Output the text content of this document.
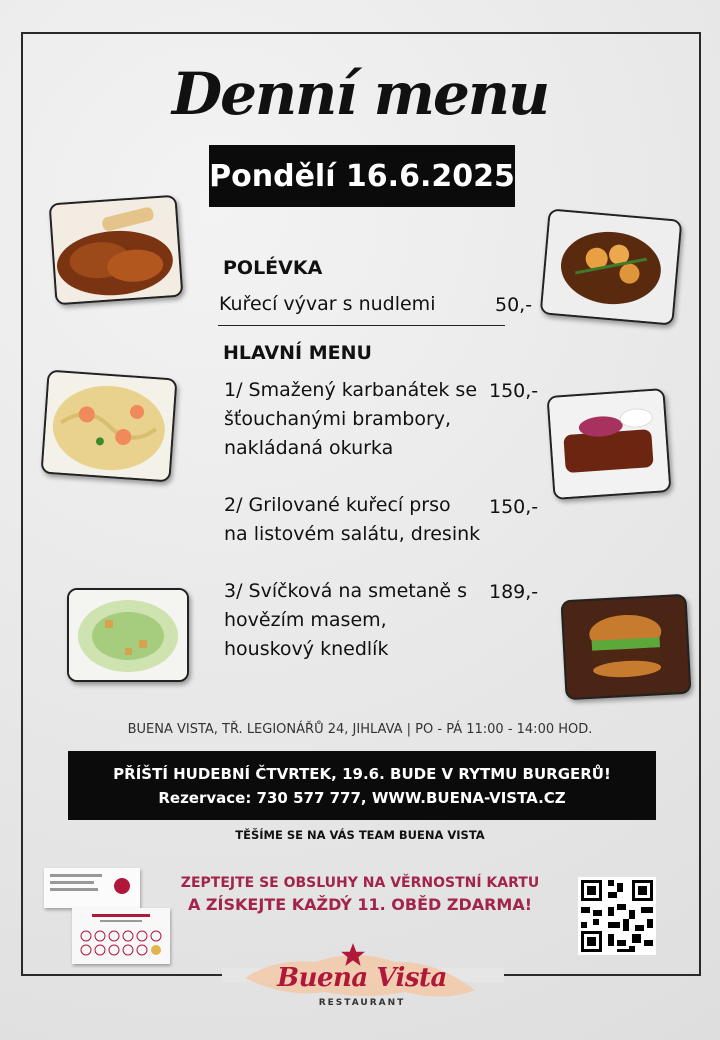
Denní menu
Pondělí 16.6.2025
POLÉVKA
Kuřecí vývar s nudlemi	50,-
HLAVNÍ MENU
1/ Smažený karbanátek se
šťouchanými brambory,
nakládaná okurka
150,-
2/ Grilované kuřecí prso
na listovém salátu, dresink
150,-
3/ Svíčková na smetaně s
hovězím masem,
houskový knedlík
189,-
BUENA VISTA, TŘ. LEGIONÁŘŮ 24, JIHLAVA | PO - PÁ 11:00 - 14:00 HOD.
PŘÍŠTÍ HUDEBNÍ ČTVRTEK, 19.6. BUDE V RYTMU BURGERŮ!
Rezervace: 730 577 777, WWW.BUENA-VISTA.CZ
TĚŠÍME SE NA VÁS TEAM BUENA VISTA
ZEPTEJTE SE OBSLUHY NA VĚRNOSTNÍ KARTU
A ZÍSKEJTE KAŽDÝ 11. OBĚD ZDARMA!
Buena Vista
RESTAURANT
